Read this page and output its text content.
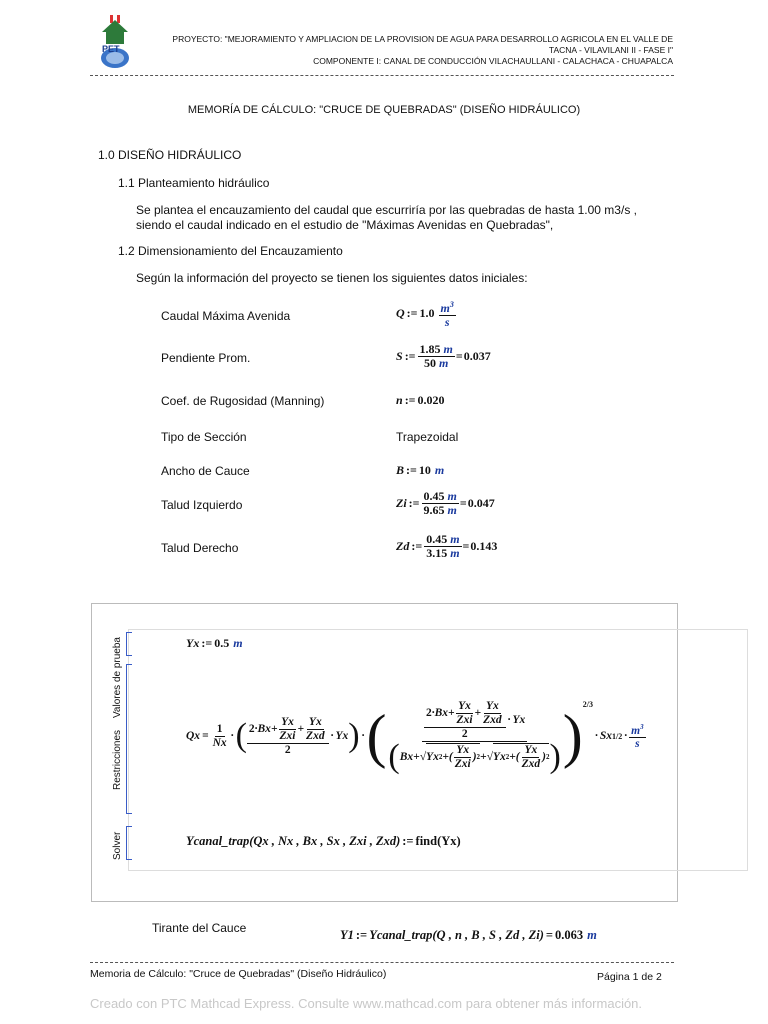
PET
PROYECTO: "MEJORAMIENTO Y AMPLIACION DE LA PROVISION DE AGUA PARA DESARROLLO AGRICOLA EN EL VALLE DE
TACNA - VILAVILANI II - FASE I"
COMPONENTE I: CANAL DE CONDUCCIÓN VILACHAULLANI - CALACHACA - CHUAPALCA
MEMORÍA DE CÁLCULO: "CRUCE DE QUEBRADAS" (DISEÑO HIDRÁULICO)
1.0 DISEÑO HIDRÁULICO
1.1 Planteamiento hidráulico
Se plantea el encauzamiento del caudal que escurriría por las quebradas de hasta 1.00 m3/s ,
siendo el caudal indicado en el estudio de "Máximas Avenidas en Quebradas",
1.2 Dimensionamiento del Encauzamiento
Según la información del proyecto se tienen los siguientes datos iniciales:
Caudal Máxima Avenida	Q := $1.0 \frac{m^3}{s}$
Pendiente Prom.	S := $\frac{1.85 m}{50 m} = 0.037$
Coef. de Rugosidad (Manning)	n := 0.020
Tipo de Sección	Trapezoidal
Ancho de Cauce	B := 10 m
Talud Izquierdo	Zi := $\frac{0.45 m}{9.65 m} = 0.047$
Talud Derecho	Zd := $\frac{0.45 m}{3.15 m} = 0.143$
Valores de prueba
Restricciones
Solver
Yx := 0.5 m
$Qx = \frac{1}{Nx}$ · ( $\frac{2 \cdot Bx + \frac{Yx}{\text{Zxi}} + \frac{Yx}{\text{Zxd}}}{2} \cdot Yx$ ) · (	$\frac{2 \cdot Bx + \frac{Yx}{\text{Zxi}} + \frac{Yx}{\text{Zxd}}}{2} \cdot Yx$
( Bx + √ Yx 2 +( $\frac{Yx}{\text{Zxi}}$ ) 2 + √ Yx 2 +( $\frac{Yx}{\text{Zxd}}$ ) 2 ) )$^{2/3}$
· Sx $1/2 \cdot \frac{m^3}{s}$
Ycanal_trap (Qx , Nx , Bx , Sx , Zxi , Zxd) := find (Yx)
Tirante del Cauce	Y1 := Ycanal_trap (Q , n , B , S , Zd , Zi) = 0.063 m
Memoria de Cálculo: "Cruce de Quebradas" (Diseño Hidráulico)	Página 1 de 2
Creado con PTC Mathcad Express. Consulte www.mathcad.com para obtener más información.
